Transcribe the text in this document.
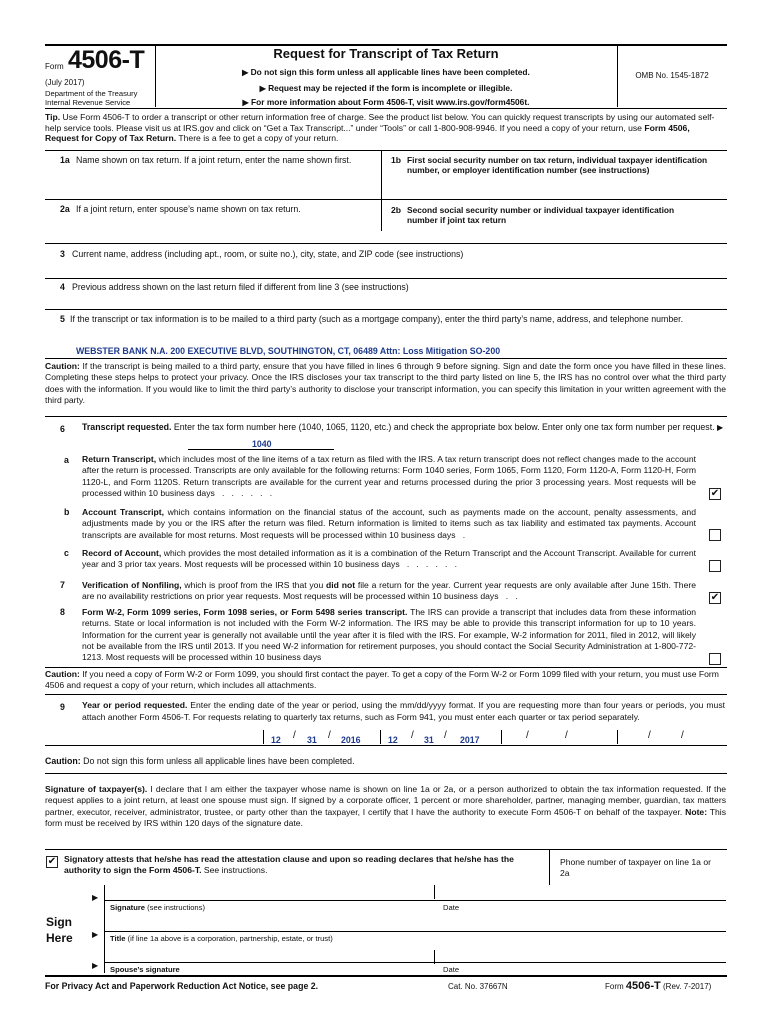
Form 4506-T
(July 2017)
Department of the Treasury
Internal Revenue Service
Request for Transcript of Tax Return
▶ Do not sign this form unless all applicable lines have been completed.
▶ Request may be rejected if the form is incomplete or illegible.
▶ For more information about Form 4506-T, visit www.irs.gov/form4506t.
OMB No. 1545-1872
Tip. Use Form 4506-T to order a transcript or other return information free of charge. See the product list below. You can quickly request transcripts by using our automated self-help service tools. Please visit us at IRS.gov and click on “Get a Tax Transcript...” under “Tools” or call 1-800-908-9946. If you need a copy of your return, use Form 4506, Request for Copy of Tax Return. There is a fee to get a copy of your return.
1a Name shown on tax return. If a joint return, enter the name shown first.	1b First social security number on tax return, individual taxpayer identification number, or employer identification number (see instructions)
2a If a joint return, enter spouse’s name shown on tax return.	2b Second social security number or individual taxpayer identification number if joint tax return
3 Current name, address (including apt., room, or suite no.), city, state, and ZIP code (see instructions)
4 Previous address shown on the last return filed if different from line 3 (see instructions)
5 If the transcript or tax information is to be mailed to a third party (such as a mortgage company), enter the third party’s name, address, and telephone number.
WEBSTER BANK N.A. 200 EXECUTIVE BLVD, SOUTHINGTON, CT, 06489 Attn: Loss Mitigation SO-200
Caution: If the transcript is being mailed to a third party, ensure that you have filled in lines 6 through 9 before signing. Sign and date the form once you have filled in these lines. Completing these steps helps to protect your privacy. Once the IRS discloses your tax transcript to the third party listed on line 5, the IRS has no control over what the third party does with the information. If you would like to limit the third party’s authority to disclose your transcript information, you can specify this limitation in your written agreement with the third party.
6 Transcript requested. Enter the tax form number here (1040, 1065, 1120, etc.) and check the appropriate box below. Enter only one tax form number per request. ▶
1040
a Return Transcript, which includes most of the line items of a tax return as filed with the IRS. A tax return transcript does not reflect changes made to the account after the return is processed. Transcripts are only available for the following returns: Form 1040 series, Form 1065, Form 1120, Form 1120-A, Form 1120-H, Form 1120-L, and Form 1120S. Return transcripts are available for the current year and returns processed during the prior 3 processing years. Most requests will be processed within 10 business days   .   .   .   .   .   .	✔
b Account Transcript, which contains information on the financial status of the account, such as payments made on the account, penalty assessments, and adjustments made by you or the IRS after the return was filed. Return information is limited to items such as tax liability and estimated tax payments. Account transcripts are available for most returns. Most requests will be processed within 10 business days   .
c Record of Account, which provides the most detailed information as it is a combination of the Return Transcript and the Account Transcript. Available for current year and 3 prior tax years. Most requests will be processed within 10 business days   .   .   .   .   .   .
7 Verification of Nonfiling, which is proof from the IRS that you did not file a return for the year. Current year requests are only available after June 15th. There are no availability restrictions on prior year requests. Most requests will be processed within 10 business days   .   .	✔
8 Form W-2, Form 1099 series, Form 1098 series, or Form 5498 series transcript. The IRS can provide a transcript that includes data from these information returns. State or local information is not included with the Form W-2 information. The IRS may be able to provide this transcript information for up to 10 years. Information for the current year is generally not available until the year after it is filed with the IRS. For example, W-2 information for 2011, filed in 2012, will likely not be available from the IRS until 2013. If you need W-2 information for retirement purposes, you should contact the Social Security Administration at 1-800-772-1213. Most requests will be processed within 10 business days
Caution: If you need a copy of Form W-2 or Form 1099, you should first contact the payer. To get a copy of the Form W-2 or Form 1099 filed with your return, you must use Form 4506 and request a copy of your return, which includes all attachments.
9 Year or period requested. Enter the ending date of the year or period, using the mm/dd/yyyy format. If you are requesting more than four years or periods, you must attach another Form 4506-T. For requests relating to quarterly tax returns, such as Form 941, you must enter each quarter or tax period separately.
12 / 31 / 2016	12 / 31 / 2017	/	/	/	/
Caution: Do not sign this form unless all applicable lines have been completed.
Signature of taxpayer(s). I declare that I am either the taxpayer whose name is shown on line 1a or 2a, or a person authorized to obtain the tax information requested. If the request applies to a joint return, at least one spouse must sign. If signed by a corporate officer, 1 percent or more shareholder, partner, managing member, guardian, tax matters partner, executor, receiver, administrator, trustee, or party other than the taxpayer, I certify that I have the authority to execute Form 4506-T on behalf of the taxpayer. Note: This form must be received by IRS within 120 days of the signature date.
✔ Signatory attests that he/she has read the attestation clause and upon so reading declares that he/she has the authority to sign the Form 4506-T. See instructions.
Phone number of taxpayer on line 1a or 2a
Sign
Here
▶
▶
▶
Signature (see instructions)	Date
Title (if line 1a above is a corporation, partnership, estate, or trust)
Spouse’s signature	Date
For Privacy Act and Paperwork Reduction Act Notice, see page 2.	Cat. No. 37667N	Form 4506-T (Rev. 7-2017)
